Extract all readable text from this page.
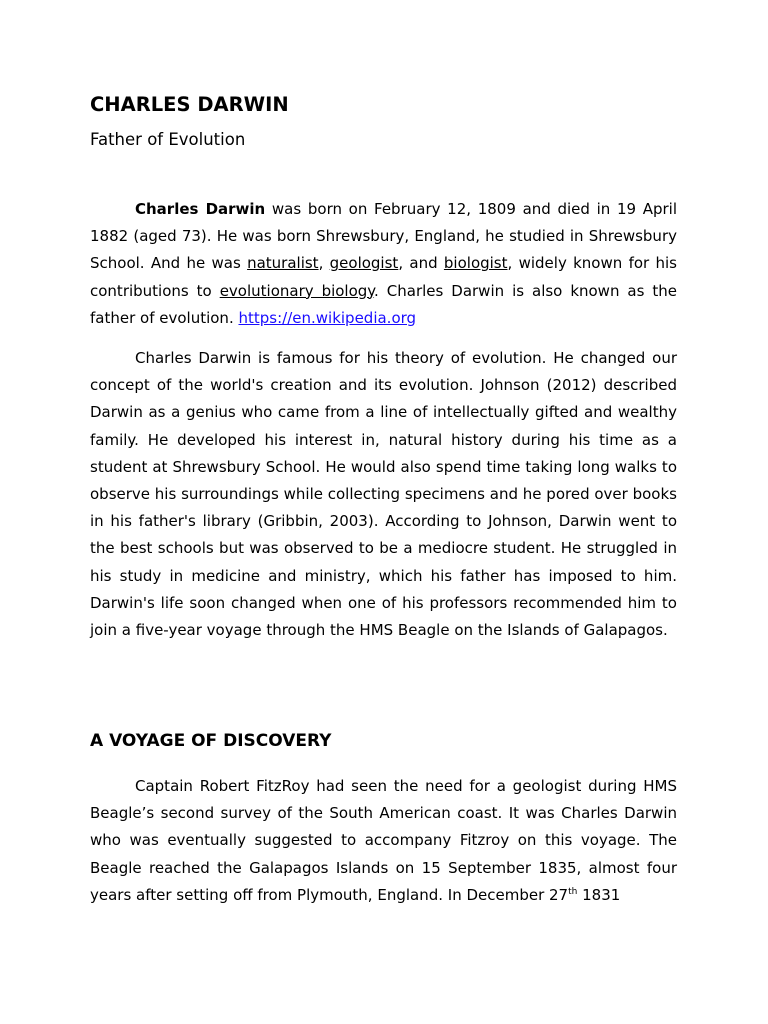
CHARLES DARWIN
Father of Evolution

Charles Darwin was born on February 12, 1809 and died in 19 April 1882 (aged 73). He was born Shrewsbury, England, he studied in Shrewsbury School. And he was naturalist, geologist, and biologist, widely known for his contributions to evolutionary biology. Charles Darwin is also known as the father of evolution. https://en.wikipedia.org

Charles Darwin is famous for his theory of evolution. He changed our concept of the world's creation and its evolution. Johnson (2012) described Darwin as a genius who came from a line of intellectually gifted and wealthy family. He developed his interest in, natural history during his time as a student at Shrewsbury School. He would also spend time taking long walks to observe his surroundings while collecting specimens and he pored over books in his father's library (Gribbin, 2003). According to Johnson, Darwin went to the best schools but was observed to be a mediocre student. He struggled in his study in medicine and ministry, which his father has imposed to him. Darwin's life soon changed when one of his professors recommended him to join a five-year voyage through the HMS Beagle on the Islands of Galapagos.

A VOYAGE OF DISCOVERY

Captain Robert FitzRoy had seen the need for a geologist during HMS Beagle’s second survey of the South American coast. It was Charles Darwin who was eventually suggested to accompany Fitzroy on this voyage. The Beagle reached the Galapagos Islands on 15 September 1835, almost four years after setting off from Plymouth, England. In December 27th 1831
